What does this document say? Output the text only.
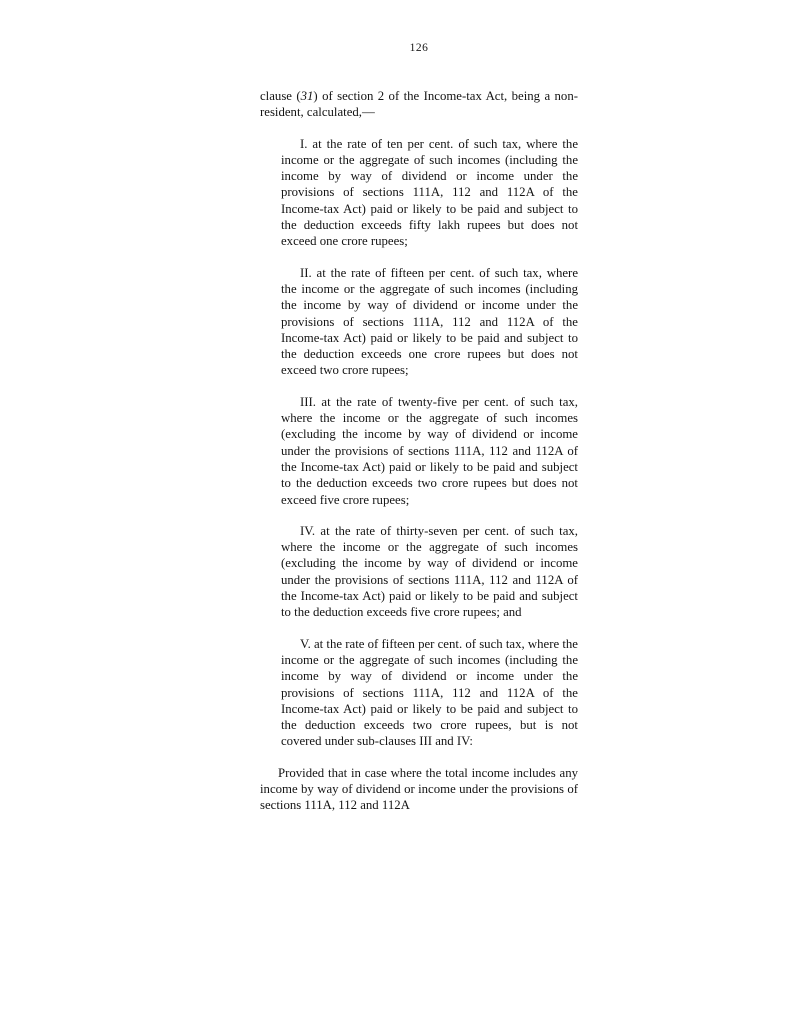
126

clause (31) of section 2 of the Income-tax Act, being a non-resident, calculated,—

I. at the rate of ten per cent. of such tax, where the income or the aggregate of such incomes (including the income by way of dividend or income under the provisions of sections 111A, 112 and 112A of the Income-tax Act) paid or likely to be paid and subject to the deduction exceeds fifty lakh rupees but does not exceed one crore rupees;

II. at the rate of fifteen per cent. of such tax, where the income or the aggregate of such incomes (including the income by way of dividend or income under the provisions of sections 111A, 112 and 112A of the Income-tax Act) paid or likely to be paid and subject to the deduction exceeds one crore rupees but does not exceed two crore rupees;

III. at the rate of twenty-five per cent. of such tax, where the income or the aggregate of such incomes (excluding the income by way of dividend or income under the provisions of sections 111A, 112 and 112A of the Income-tax Act) paid or likely to be paid and subject to the deduction exceeds two crore rupees but does not exceed five crore rupees;

IV. at the rate of thirty-seven per cent. of such tax, where the income or the aggregate of such incomes (excluding the income by way of dividend or income under the provisions of sections 111A, 112 and 112A of the Income-tax Act) paid or likely to be paid and subject to the deduction exceeds five crore rupees; and

V. at the rate of fifteen per cent. of such tax, where the income or the aggregate of such incomes (including the income by way of dividend or income under the provisions of sections 111A, 112 and 112A of the Income-tax Act) paid or likely to be paid and subject to the deduction exceeds two crore rupees, but is not covered under sub-clauses III and IV:

Provided that in case where the total income includes any income by way of dividend or income under the provisions of sections 111A, 112 and 112A
